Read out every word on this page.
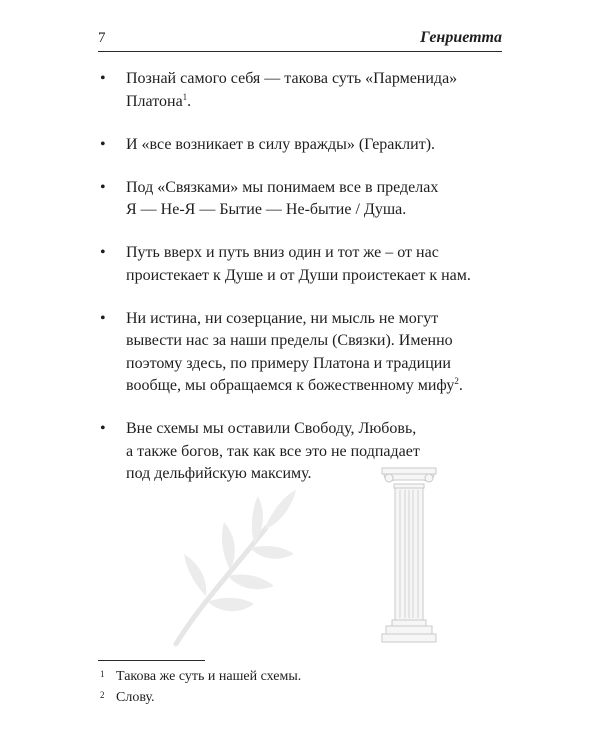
7	Генриетта
• Познай самого себя — такова суть «Парменида»
Платона$^1$.
• И «все возникает в силу вражды» (Гераклит).
• Под «Связками» мы понимаем все в пределах
Я — Не-Я — Бытие — Не-бытие / Душа.
• Путь вверх и путь вниз один и тот же – от нас
проистекает к Душе и от Души проистекает к нам.
• Ни истина, ни созерцание, ни мысль не могут
вывести нас за наши пределы (Связки). Именно
поэтому здесь, по примеру Платона и традиции
вообще, мы обращаемся к божественному мифу$^2$.
• Вне схемы мы оставили Свободу, Любовь,
а также богов, так как все это не подпадает
под дельфийскую максиму.
1 Такова же суть и нашей схемы.
2 Слову.
